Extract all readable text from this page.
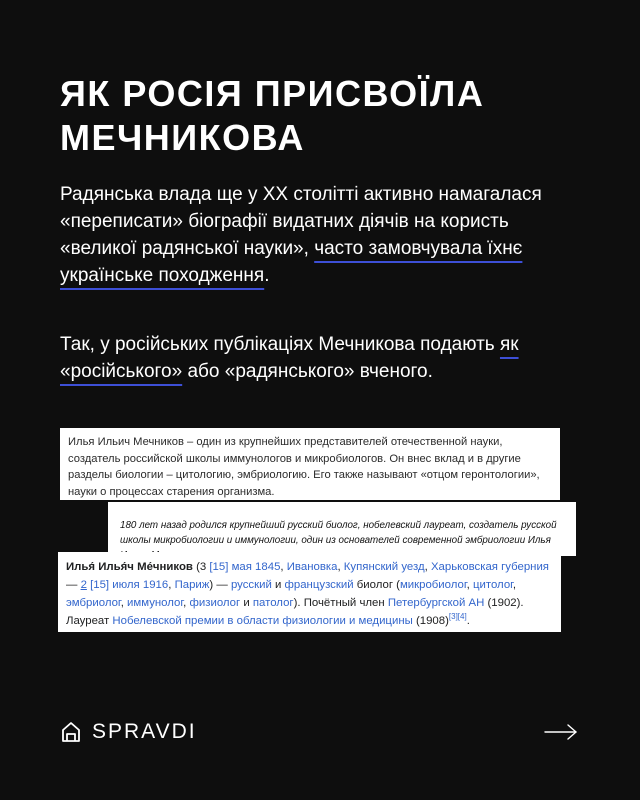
ЯК РОСІЯ ПРИСВОЇЛА МЕЧНИКОВА

Радянська влада ще у ХХ столітті активно намагалася «переписати» біографії видатних діячів на користь «великої радянської науки», часто замовчувала їхнє українське походження.

Так, у російських публікаціях Мечникова подають як «російського» або «радянського» вченого.

Илья Ильич Мечников – один из крупнейших представителей отечественной науки, создатель российской школы иммунологов и микробиологов. Он внес вклад и в другие разделы биологии – цитологию, эмбриологию. Его также называют «отцом геронтологии», науки о процессах старения организма.
180 лет назад родился крупнейший русский биолог, нобелевский лауреат, создатель русской школы микробиологии и иммунологии, один из основателей современной эмбриологии Илья
Илья́ Илья́ч Ме́чников (3 [15] мая 1845, Ивановка, Купянский уезд, Харьковская губерния — 2 [15] июля 1916, Париж) — русский и французский биолог (микробиолог, цитолог, эмбриолог, иммунолог, физиолог и патолог). Почётный член Петербургской АН (1902). Лауреат Нобелевской премии в области физиологии и медицины (1908)[3][4].
SPRAVDI
